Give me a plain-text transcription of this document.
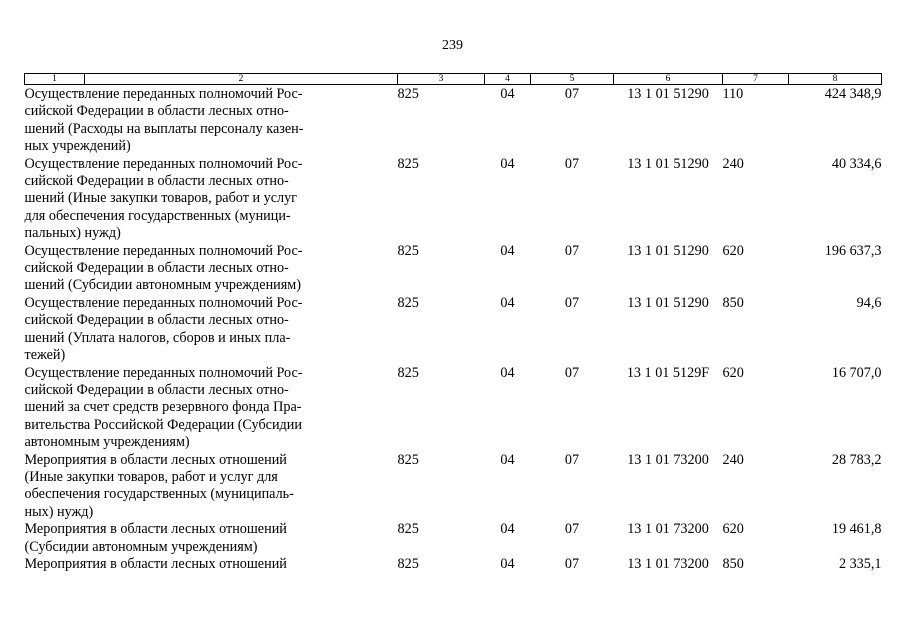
239
1	2	3	4	5	6	7	8

Осуществление переданных полномочий Рос-
сийской Федерации в области лесных отно-
шений (Расходы на выплаты персоналу казен-
ных учреждений)		825	04	07	13 1 01 51290	110	424 348,9

Осуществление переданных полномочий Рос-
сийской Федерации в области лесных отно-
шений (Иные закупки товаров, работ и услуг
для обеспечения государственных (муници-
пальных) нужд)		825	04	07	13 1 01 51290	240	40 334,6

Осуществление переданных полномочий Рос-
сийской Федерации в области лесных отно-
шений (Субсидии автономным учреждениям)		825	04	07	13 1 01 51290	620	196 637,3

Осуществление переданных полномочий Рос-
сийской Федерации в области лесных отно-
шений (Уплата налогов, сборов и иных пла-
тежей)		825	04	07	13 1 01 51290	850	94,6

Осуществление переданных полномочий Рос-
сийской Федерации в области лесных отно-
шений за счет средств резервного фонда Пра-
вительства Российской Федерации (Субсидии
автономным учреждениям)		825	04	07	13 1 01 5129F	620	16 707,0

Мероприятия в области лесных отношений
(Иные закупки товаров, работ и услуг для
обеспечения государственных (муниципаль-
ных) нужд)		825	04	07	13 1 01 73200	240	28 783,2

Мероприятия в области лесных отношений
(Субсидии автономным учреждениям)		825	04	07	13 1 01 73200	620	19 461,8

Мероприятия в области лесных отношений		825	04	07	13 1 01 73200	850	2 335,1
